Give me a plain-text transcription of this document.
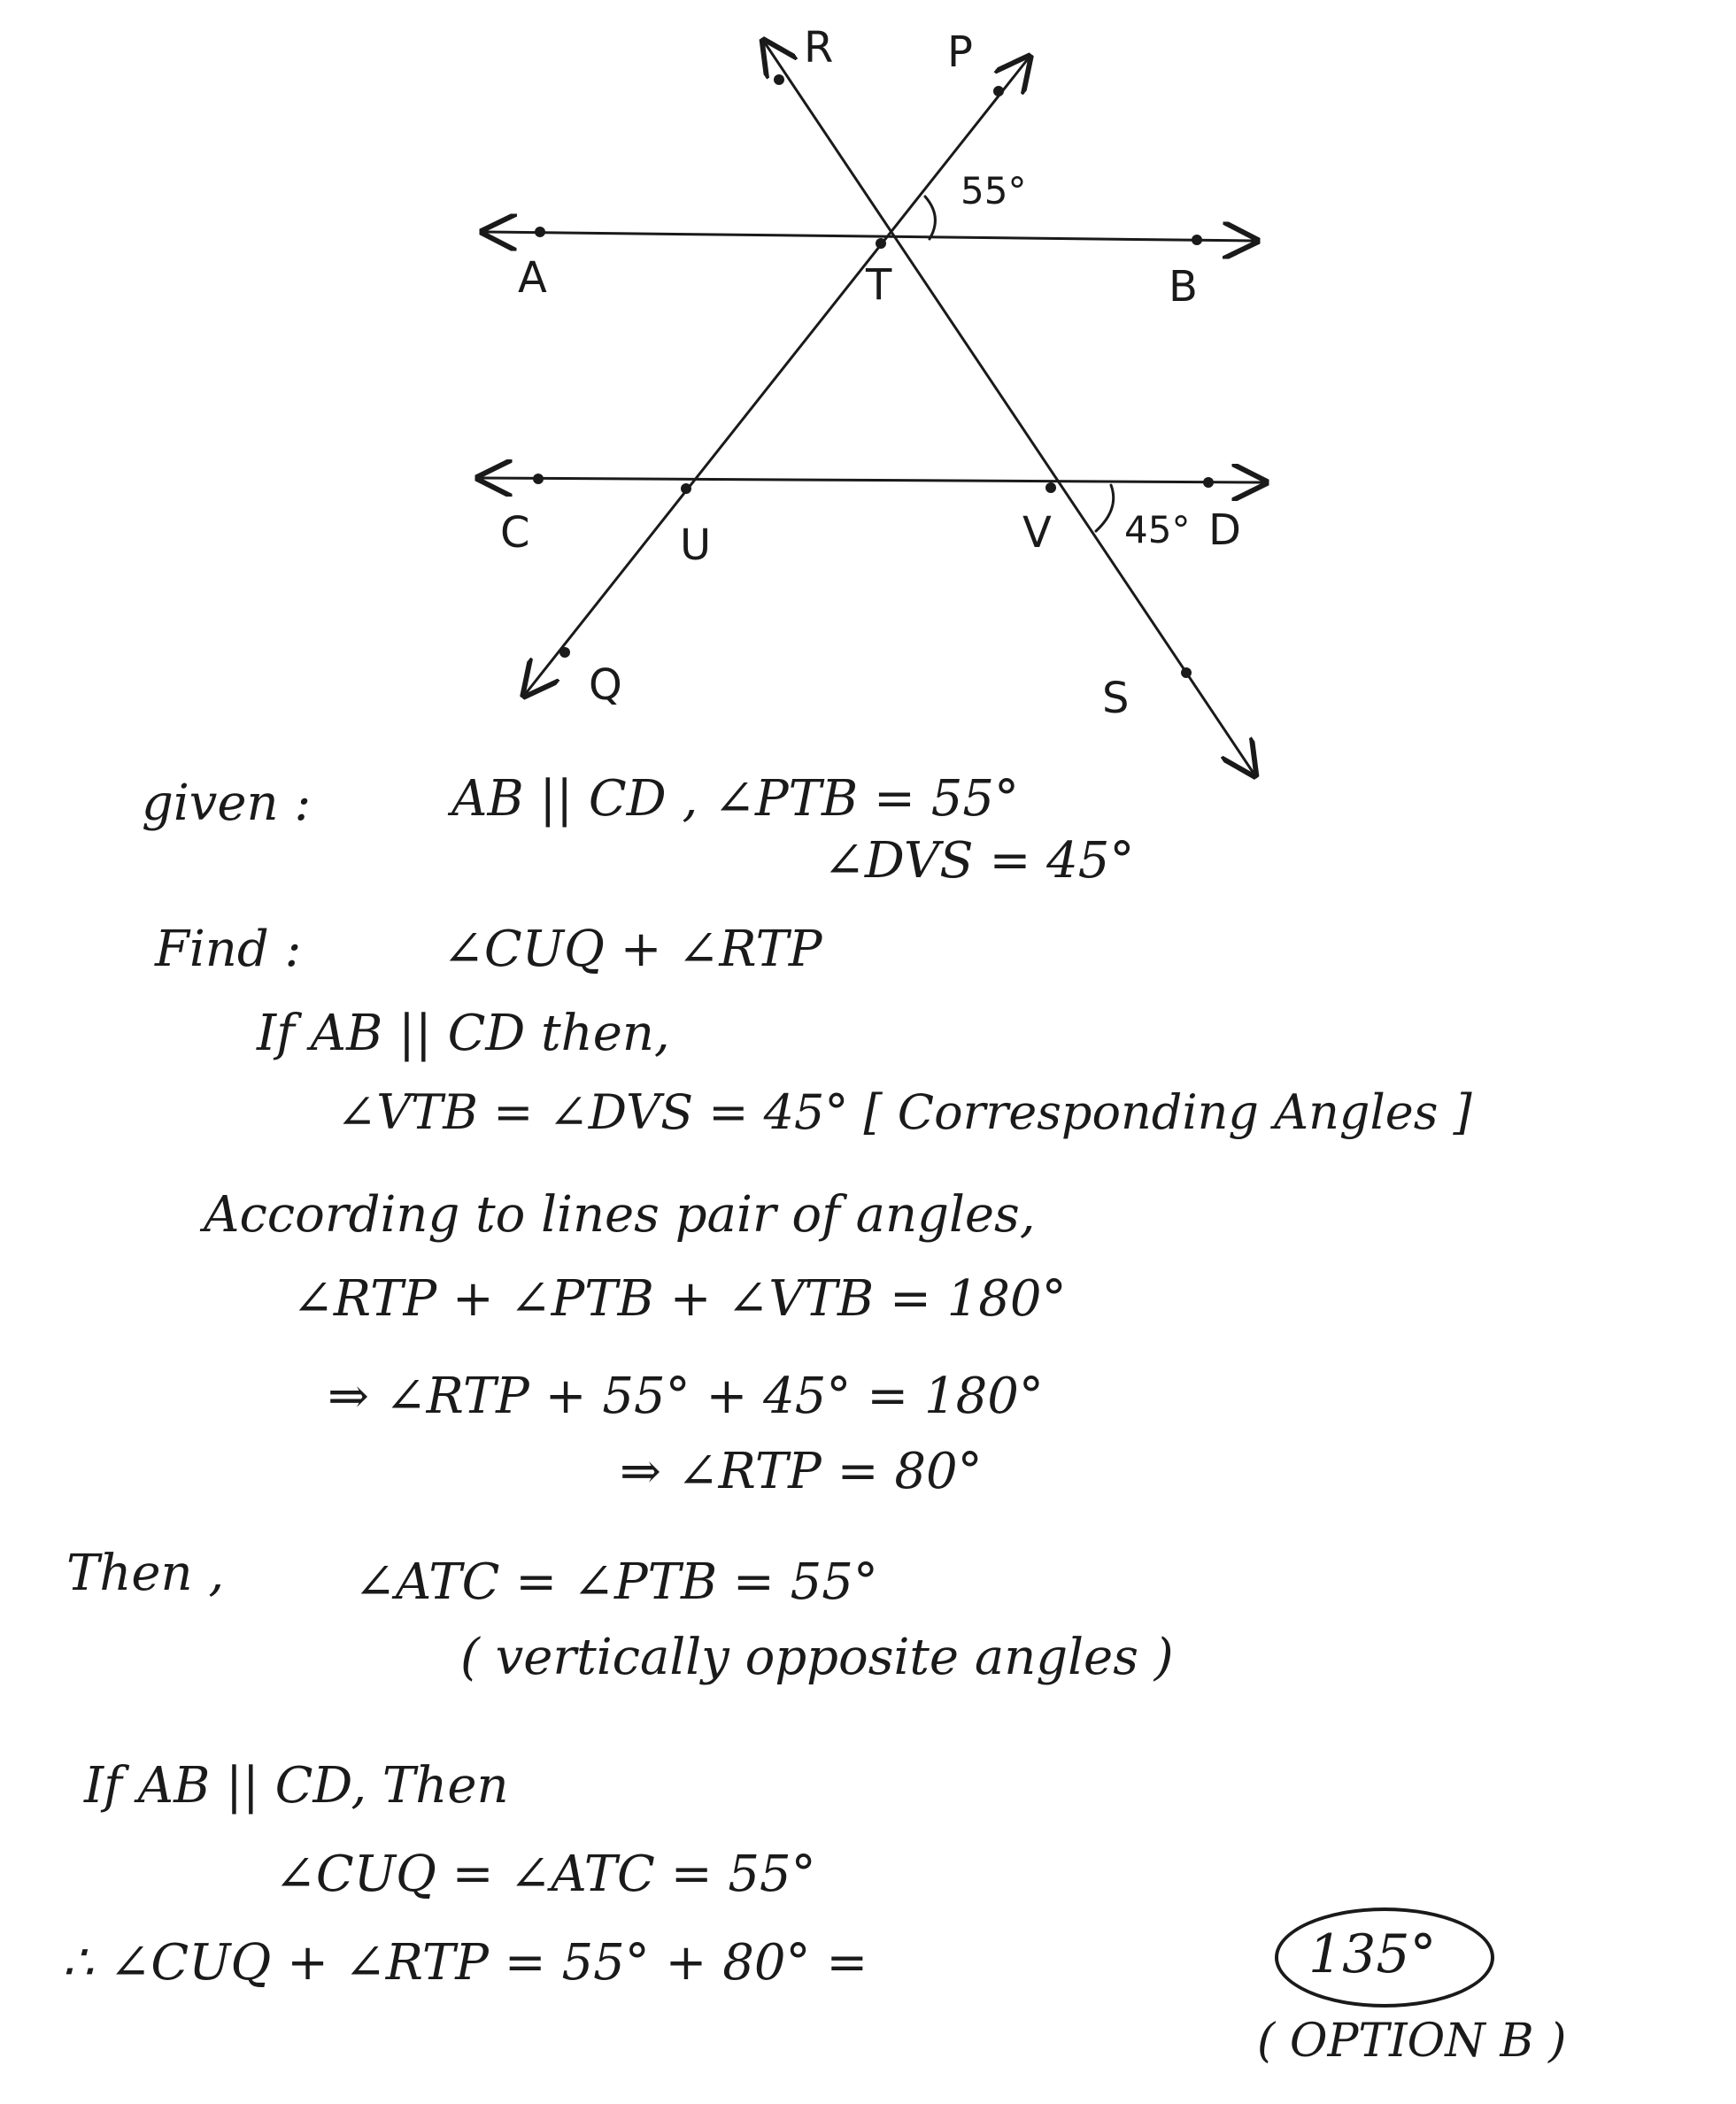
R	P
A	T	B
C	U	V	D
Q	S
55°
45°
given :	AB || CD , ∠PTB = 55°
∠DVS = 45°
Find :	∠CUQ + ∠RTP
If AB || CD then,
∠VTB = ∠DVS = 45° [ Corresponding Angles ]
According to lines pair of angles,
∠RTP + ∠PTB + ∠VTB = 180°
⇒ ∠RTP + 55° + 45° = 180°
⇒ ∠RTP = 80°
Then ,	∠ATC = ∠PTB = 55°
( vertically opposite angles )
If AB || CD, Then
∠CUQ = ∠ATC = 55°
∴ ∠CUQ + ∠RTP = 55° + 80° =	135°
( OPTION B )
